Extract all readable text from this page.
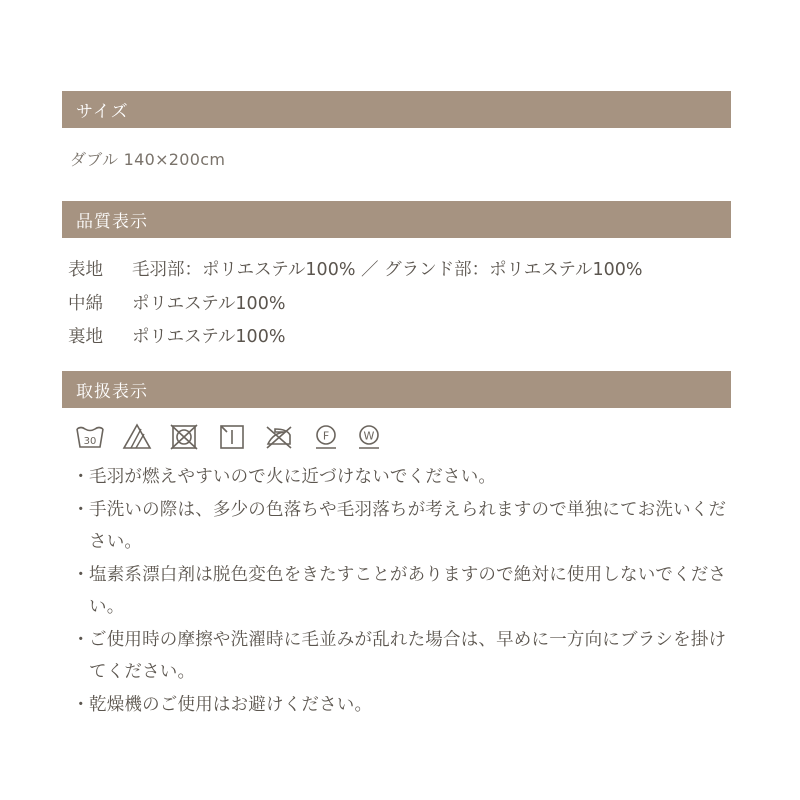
サイズ
ダブル 140×200cm
品質表示
表地 毛羽部：ポリエステル100% ／ グランド部：ポリエステル100%
中綿 ポリエステル100%
裏地 ポリエステル100%
取扱表示
30	F	W
・ 毛羽が燃えやすいので火に近づけないでください。
・ 手洗いの際は、多少の色落ちや毛羽落ちが考えられますので単独にてお洗いください。
・ 塩素系漂白剤は脱色変色をきたすことがありますので絶対に使用しないでください。
・ ご使用時の摩擦や洗濯時に毛並みが乱れた場合は、早めに一方向にブラシを掛けてください。
・ 乾燥機のご使用はお避けください。
